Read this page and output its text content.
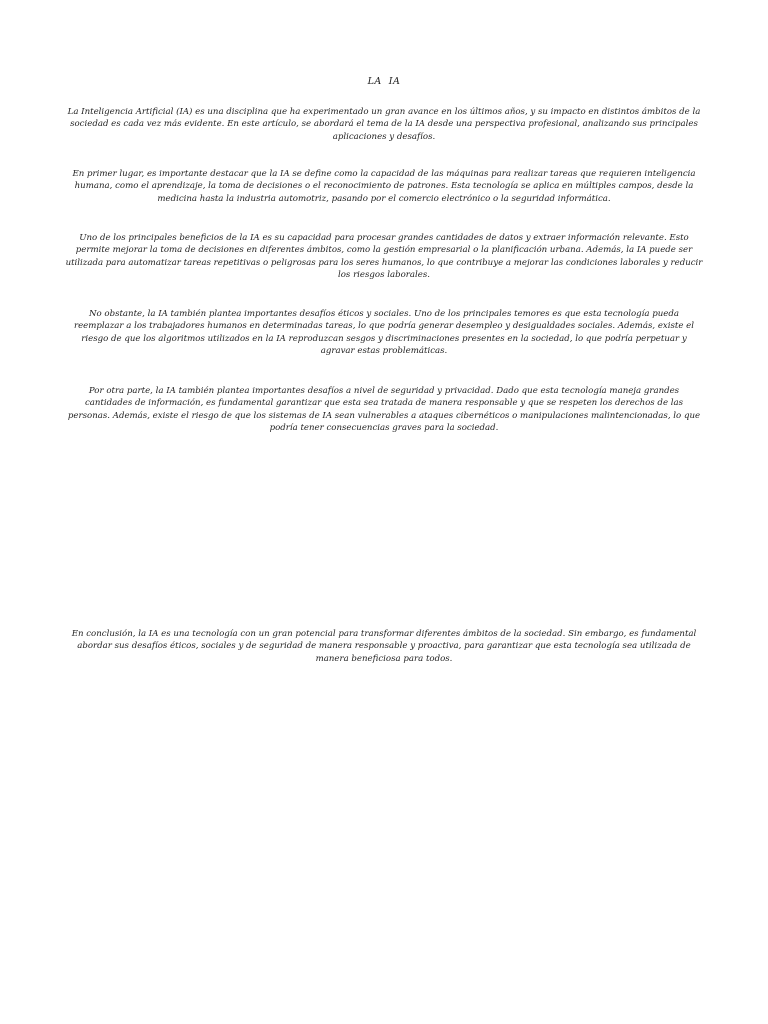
LA  IA

La Inteligencia Artificial (IA) es una disciplina que ha experimentado un gran avance en los últimos años, y su impacto en distintos ámbitos de la sociedad es cada vez más evidente. En este artículo, se abordará el tema de la IA desde una perspectiva profesional, analizando sus principales aplicaciones y desafíos.

En primer lugar, es importante destacar que la IA se define como la capacidad de las máquinas para realizar tareas que requieren inteligencia humana, como el aprendizaje, la toma de decisiones o el reconocimiento de patrones. Esta tecnología se aplica en múltiples campos, desde la medicina hasta la industria automotriz, pasando por el comercio electrónico o la seguridad informática.

Uno de los principales beneficios de la IA es su capacidad para procesar grandes cantidades de datos y extraer información relevante. Esto permite mejorar la toma de decisiones en diferentes ámbitos, como la gestión empresarial o la planificación urbana. Además, la IA puede ser utilizada para automatizar tareas repetitivas o peligrosas para los seres humanos, lo que contribuye a mejorar las condiciones laborales y reducir los riesgos laborales.

No obstante, la IA también plantea importantes desafíos éticos y sociales. Uno de los principales temores es que esta tecnología pueda reemplazar a los trabajadores humanos en determinadas tareas, lo que podría generar desempleo y desigualdades sociales. Además, existe el riesgo de que los algoritmos utilizados en la IA reproduzcan sesgos y discriminaciones presentes en la sociedad, lo que podría perpetuar y agravar estas problemáticas.

Por otra parte, la IA también plantea importantes desafíos a nivel de seguridad y privacidad. Dado que esta tecnología maneja grandes cantidades de información, es fundamental garantizar que esta sea tratada de manera responsable y que se respeten los derechos de las personas. Además, existe el riesgo de que los sistemas de IA sean vulnerables a ataques cibernéticos o manipulaciones malintencionadas, lo que podría tener consecuencias graves para la sociedad.

En conclusión, la IA es una tecnología con un gran potencial para transformar diferentes ámbitos de la sociedad. Sin embargo, es fundamental abordar sus desafíos éticos, sociales y de seguridad de manera responsable y proactiva, para garantizar que esta tecnología sea utilizada de manera beneficiosa para todos.
